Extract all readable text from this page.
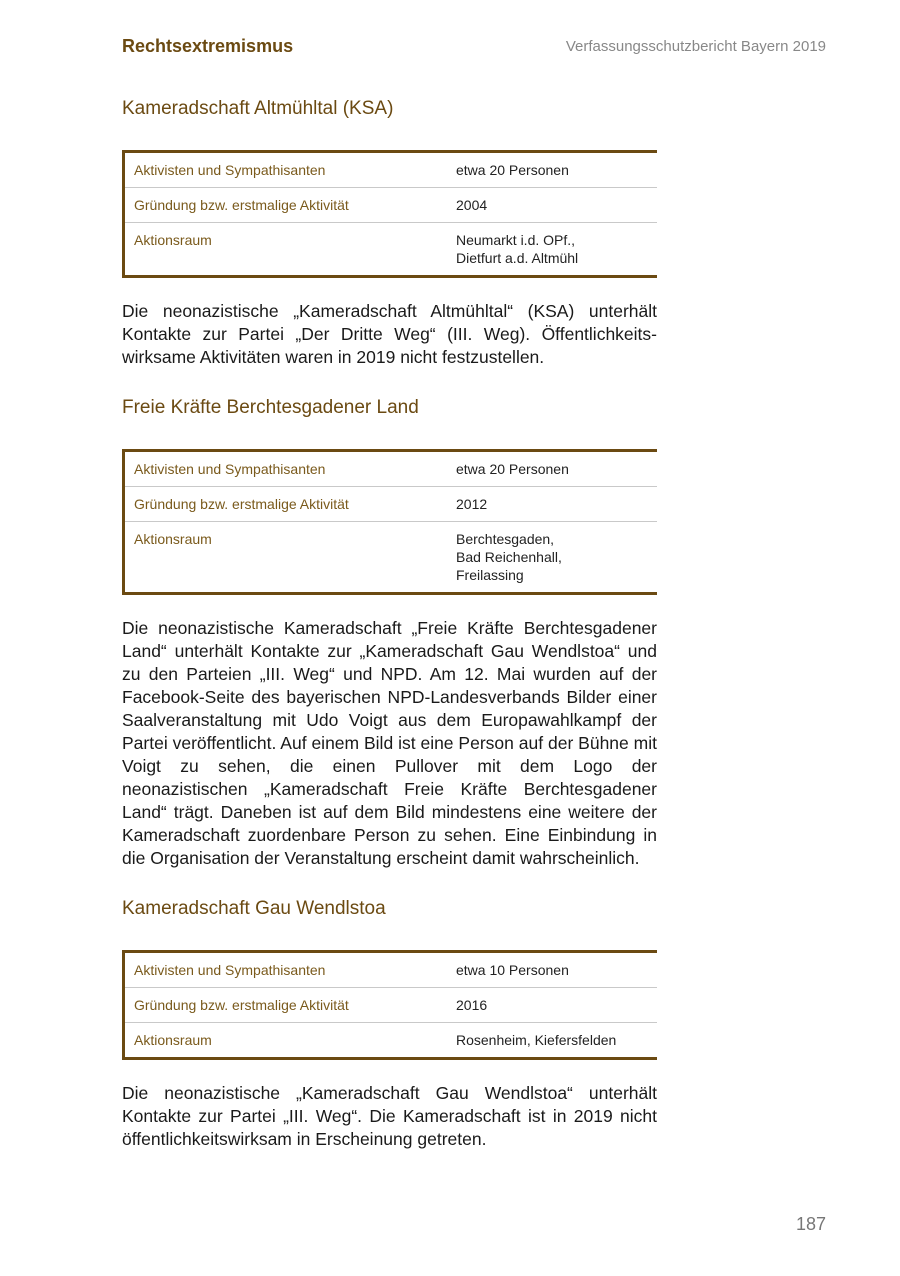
Rechtsextremismus	Verfassungsschutzbericht Bayern 2019
Kameradschaft Altmühltal (KSA)
Aktivisten und Sympathisanten	etwa 20 Personen
Gründung bzw. erstmalige Aktivität	2004
Aktionsraum	Neumarkt i.d. OPf.,
Dietfurt a.d. Altmühl

Die neonazistische „Kameradschaft Altmühltal“ (KSA) unterhält Kontakte zur Partei „Der Dritte Weg“ (III. Weg). Öffentlichkeitswirksame Aktivitäten waren in 2019 nicht festzustellen.

Freie Kräfte Berchtesgadener Land
Aktivisten und Sympathisanten	etwa 20 Personen
Gründung bzw. erstmalige Aktivität	2012
Aktionsraum	Berchtesgaden,
Bad Reichenhall,
Freilassing

Die neonazistische Kameradschaft „Freie Kräfte Berchtesgadener Land“ unterhält Kontakte zur „Kameradschaft Gau Wendlstoa“ und zu den Parteien „III. Weg“ und NPD. Am 12. Mai wurden auf der Facebook-Seite des bayerischen NPD-Landesverbands Bilder einer Saalveranstaltung mit Udo Voigt aus dem Europawahlkampf der Partei veröffentlicht. Auf einem Bild ist eine Person auf der Bühne mit Voigt zu sehen, die einen Pullover mit dem Logo der neonazistischen „Kameradschaft Freie Kräfte Berchtesgadener Land“ trägt. Daneben ist auf dem Bild mindestens eine weitere der Kameradschaft zuordenbare Person zu sehen. Eine Einbindung in die Organisation der Veranstaltung erscheint damit wahrscheinlich.

Kameradschaft Gau Wendlstoa
Aktivisten und Sympathisanten	etwa 10 Personen
Gründung bzw. erstmalige Aktivität	2016
Aktionsraum	Rosenheim, Kiefersfelden

Die neonazistische „Kameradschaft Gau Wendlstoa“ unterhält Kontakte zur Partei „III. Weg“. Die Kameradschaft ist in 2019 nicht öffentlichkeitswirksam in Erscheinung getreten.

187
